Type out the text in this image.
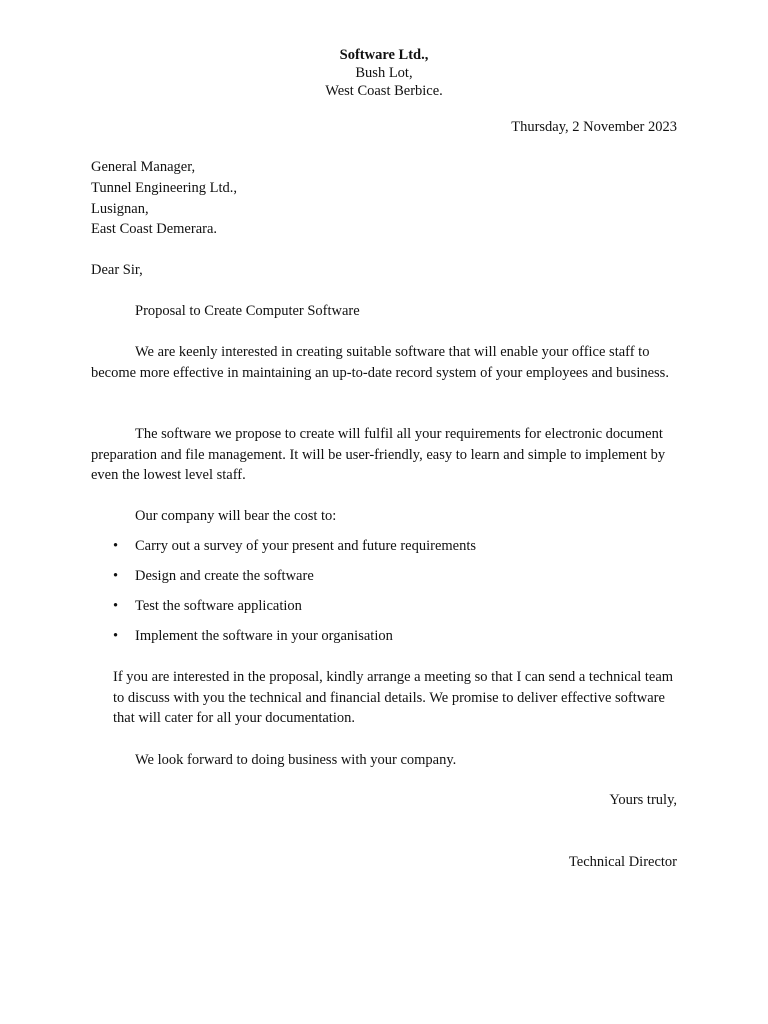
Software Ltd.,
Bush Lot,
West Coast Berbice.
Thursday, 2 November 2023
General Manager,
Tunnel Engineering Ltd.,
Lusignan,
East Coast Demerara.
Dear Sir,
Proposal to Create Computer Software
We are keenly interested in creating suitable software that will enable your office staff to become more effective in maintaining an up-to-date record system of your employees and business.
The software we propose to create will fulfil all your requirements for electronic document preparation and file management. It will be user-friendly, easy to learn and simple to implement by even the lowest level staff.
Our company will bear the cost to:
•	Carry out a survey of your present and future requirements
•	Design and create the software
•	Test the software application
•	Implement the software in your organisation
If you are interested in the proposal, kindly arrange a meeting so that I can send a technical team to discuss with you the technical and financial details. We promise to deliver effective software that will cater for all your documentation.
We look forward to doing business with your company.
Yours truly,
Technical Director
